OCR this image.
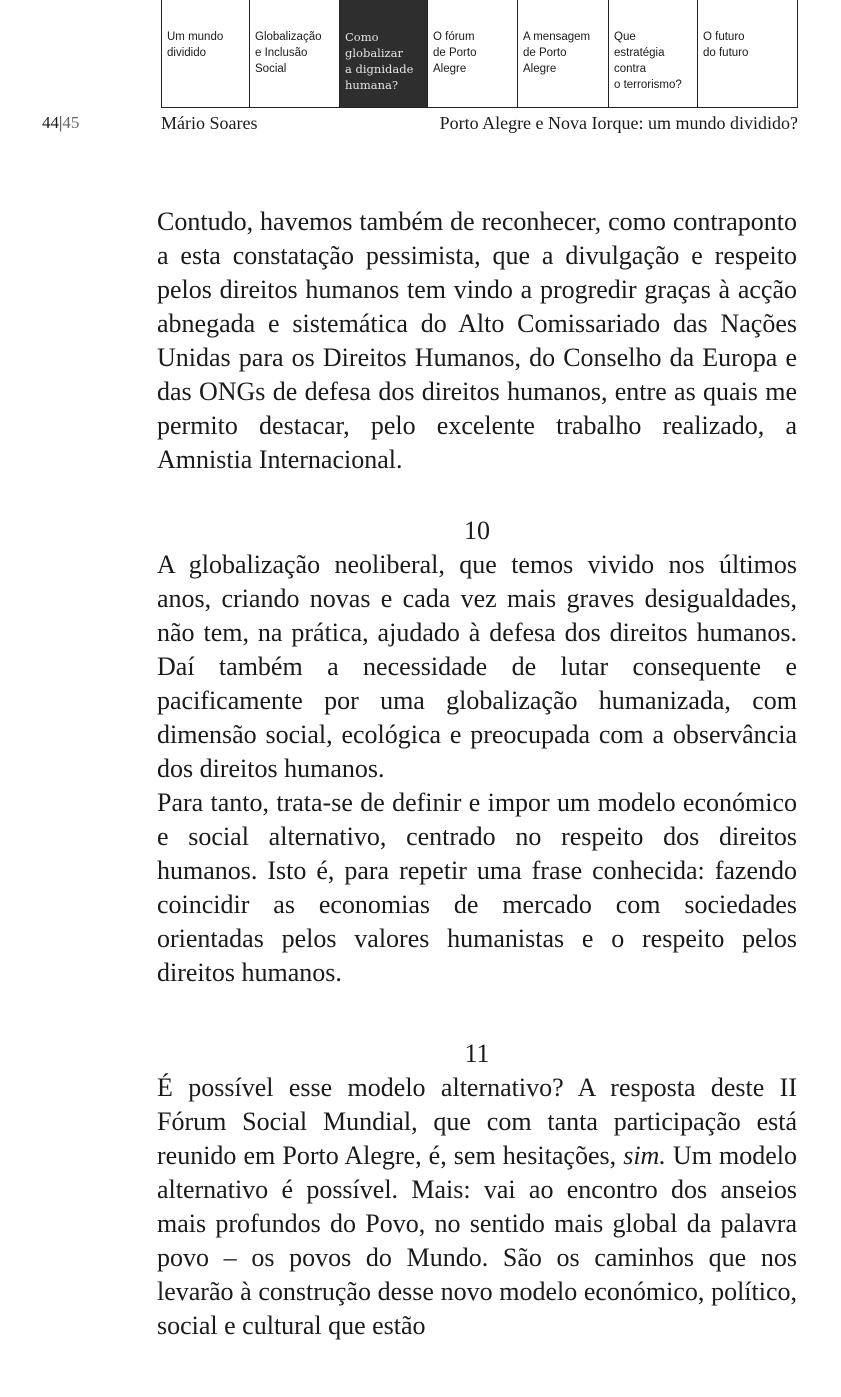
Um mundo
dividido

Globalização
e Inclusão
Social

Como
globalizar
a dignidade
humana?

O fórum
de Porto
Alegre

A mensagem
de Porto
Alegre

Que
estratégia
contra
o terrorismo?

O futuro
do futuro

44|45	Mário Soares	Porto Alegre e Nova Iorque: um mundo dividido?

Contudo, havemos também de reconhecer, como contraponto a esta constatação pessimista, que a divulgação e respeito pelos direitos humanos tem vindo a progredir graças à acção abnegada e sistemática do Alto Comissariado das Nações Unidas para os Direitos Humanos, do Conselho da Europa e das ONGs de defesa dos direitos humanos, entre as quais me permito destacar, pelo excelente trabalho realizado, a Amnistia Internacional.

10

A globalização neoliberal, que temos vivido nos últimos anos, criando novas e cada vez mais graves desigualdades, não tem, na prática, ajudado à defesa dos direitos humanos. Daí também a necessidade de lutar consequente e pacificamente por uma globalização humanizada, com dimensão social, ecológica e preocupada com a observância dos direitos humanos.

Para tanto, trata-se de definir e impor um modelo económico e social alternativo, centrado no respeito dos direitos humanos. Isto é, para repetir uma frase conhecida: fazendo coincidir as economias de mercado com sociedades orientadas pelos valores humanistas e o respeito pelos direitos humanos.

11

É possível esse modelo alternativo? A resposta deste II Fórum Social Mundial, que com tanta participação está reunido em Porto Alegre, é, sem hesitações, sim. Um modelo alternativo é possível. Mais: vai ao encontro dos anseios mais profundos do Povo, no sentido mais global da palavra povo – os povos do Mundo. São os caminhos que nos levarão à construção desse novo modelo económico, político, social e cultural que estão
